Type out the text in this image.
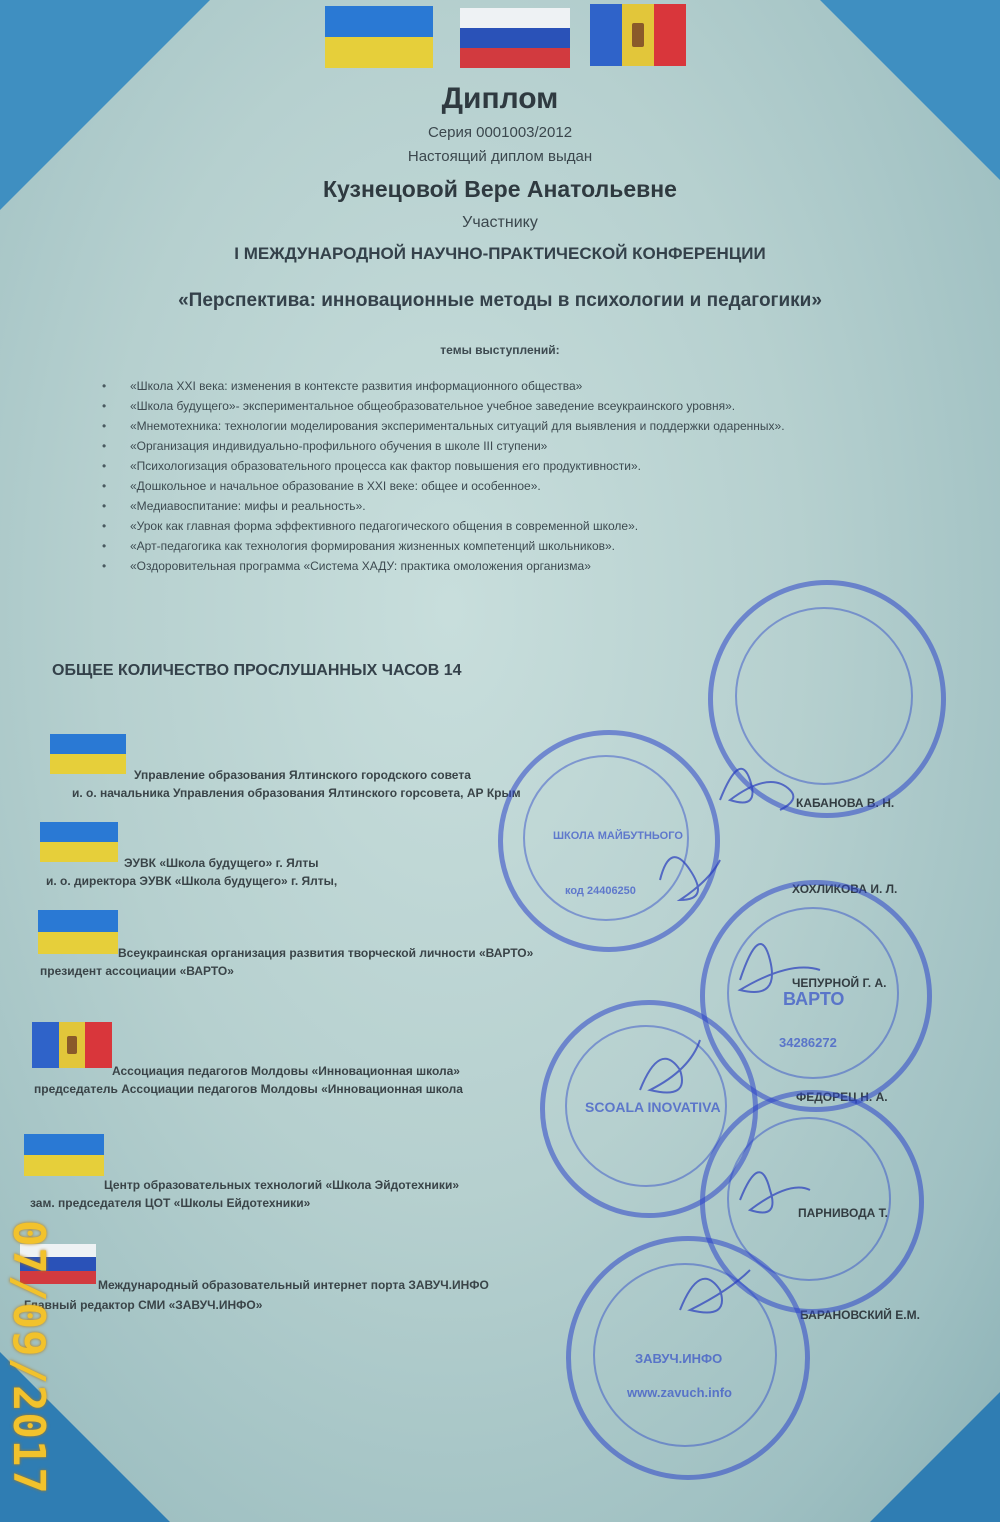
Диплом
Серия 0001003/2012
Настоящий диплом выдан
Кузнецовой Вере Анатольевне
Участнику
I МЕЖДУНАРОДНОЙ НАУЧНО-ПРАКТИЧЕСКОЙ КОНФЕРЕНЦИИ
«Перспектива: инновационные методы в психологии и педагогики»
темы выступлений:
• «Школа XXI века: изменения в контексте развития информационного общества»
• «Школа будущего»- экспериментальное общеобразовательное учебное заведение всеукраинского уровня».
• «Мнемотехника: технологии моделирования экспериментальных ситуаций для выявления и поддержки одаренных».
• «Организация индивидуально-профильного обучения в школе III ступени»
• «Психологизация образовательного процесса как фактор повышения его продуктивности».
• «Дошкольное и начальное образование в XXI веке: общее и особенное».
• «Медиавоспитание: мифы и реальность».
• «Урок как главная форма эффективного педагогического общения в современной школе».
• «Арт-педагогика как технология формирования жизненных компетенций школьников».
• «Оздоровительная программа «Система ХАДУ: практика омоложения организма»
ОБЩЕЕ КОЛИЧЕСТВО ПРОСЛУШАННЫХ ЧАСОВ 14
Управление образования Ялтинского городского совета
и. о. начальника Управления образования Ялтинского горсовета, АР Крым
КАБАНОВА В. Н.
ЭУВК «Школа будущего» г. Ялты
и. о. директора ЭУВК «Школа будущего» г. Ялты,
ХОХЛИКОВА И. Л.
Всеукраинская организация развития творческой личности «ВАРТО»
президент ассоциации «ВАРТО»
ЧЕПУРНОЙ Г. А.
Ассоциация педагогов Молдовы «Инновационная школа»
председатель Ассоциации педагогов Молдовы «Инновационная школа
ФЕДОРЕЦ Н. А.
Центр образовательных технологий «Школа Эйдотехники»
зам. председателя ЦОТ «Школы Ейдотехники»
ПАРНИВОДА Т.
Международный образовательный интернет порта ЗАВУЧ.ИНФО
Главный редактор СМИ «ЗАВУЧ.ИНФО»
БАРАНОВСКИЙ Е.М.
ШКОЛА МАЙБУТНЬОГО
код 24406250
ВАРТО
34286272
SCOALA INOVATIVA
ЗАВУЧ.ИНФО
www.zavuch.info
07/09/2017
